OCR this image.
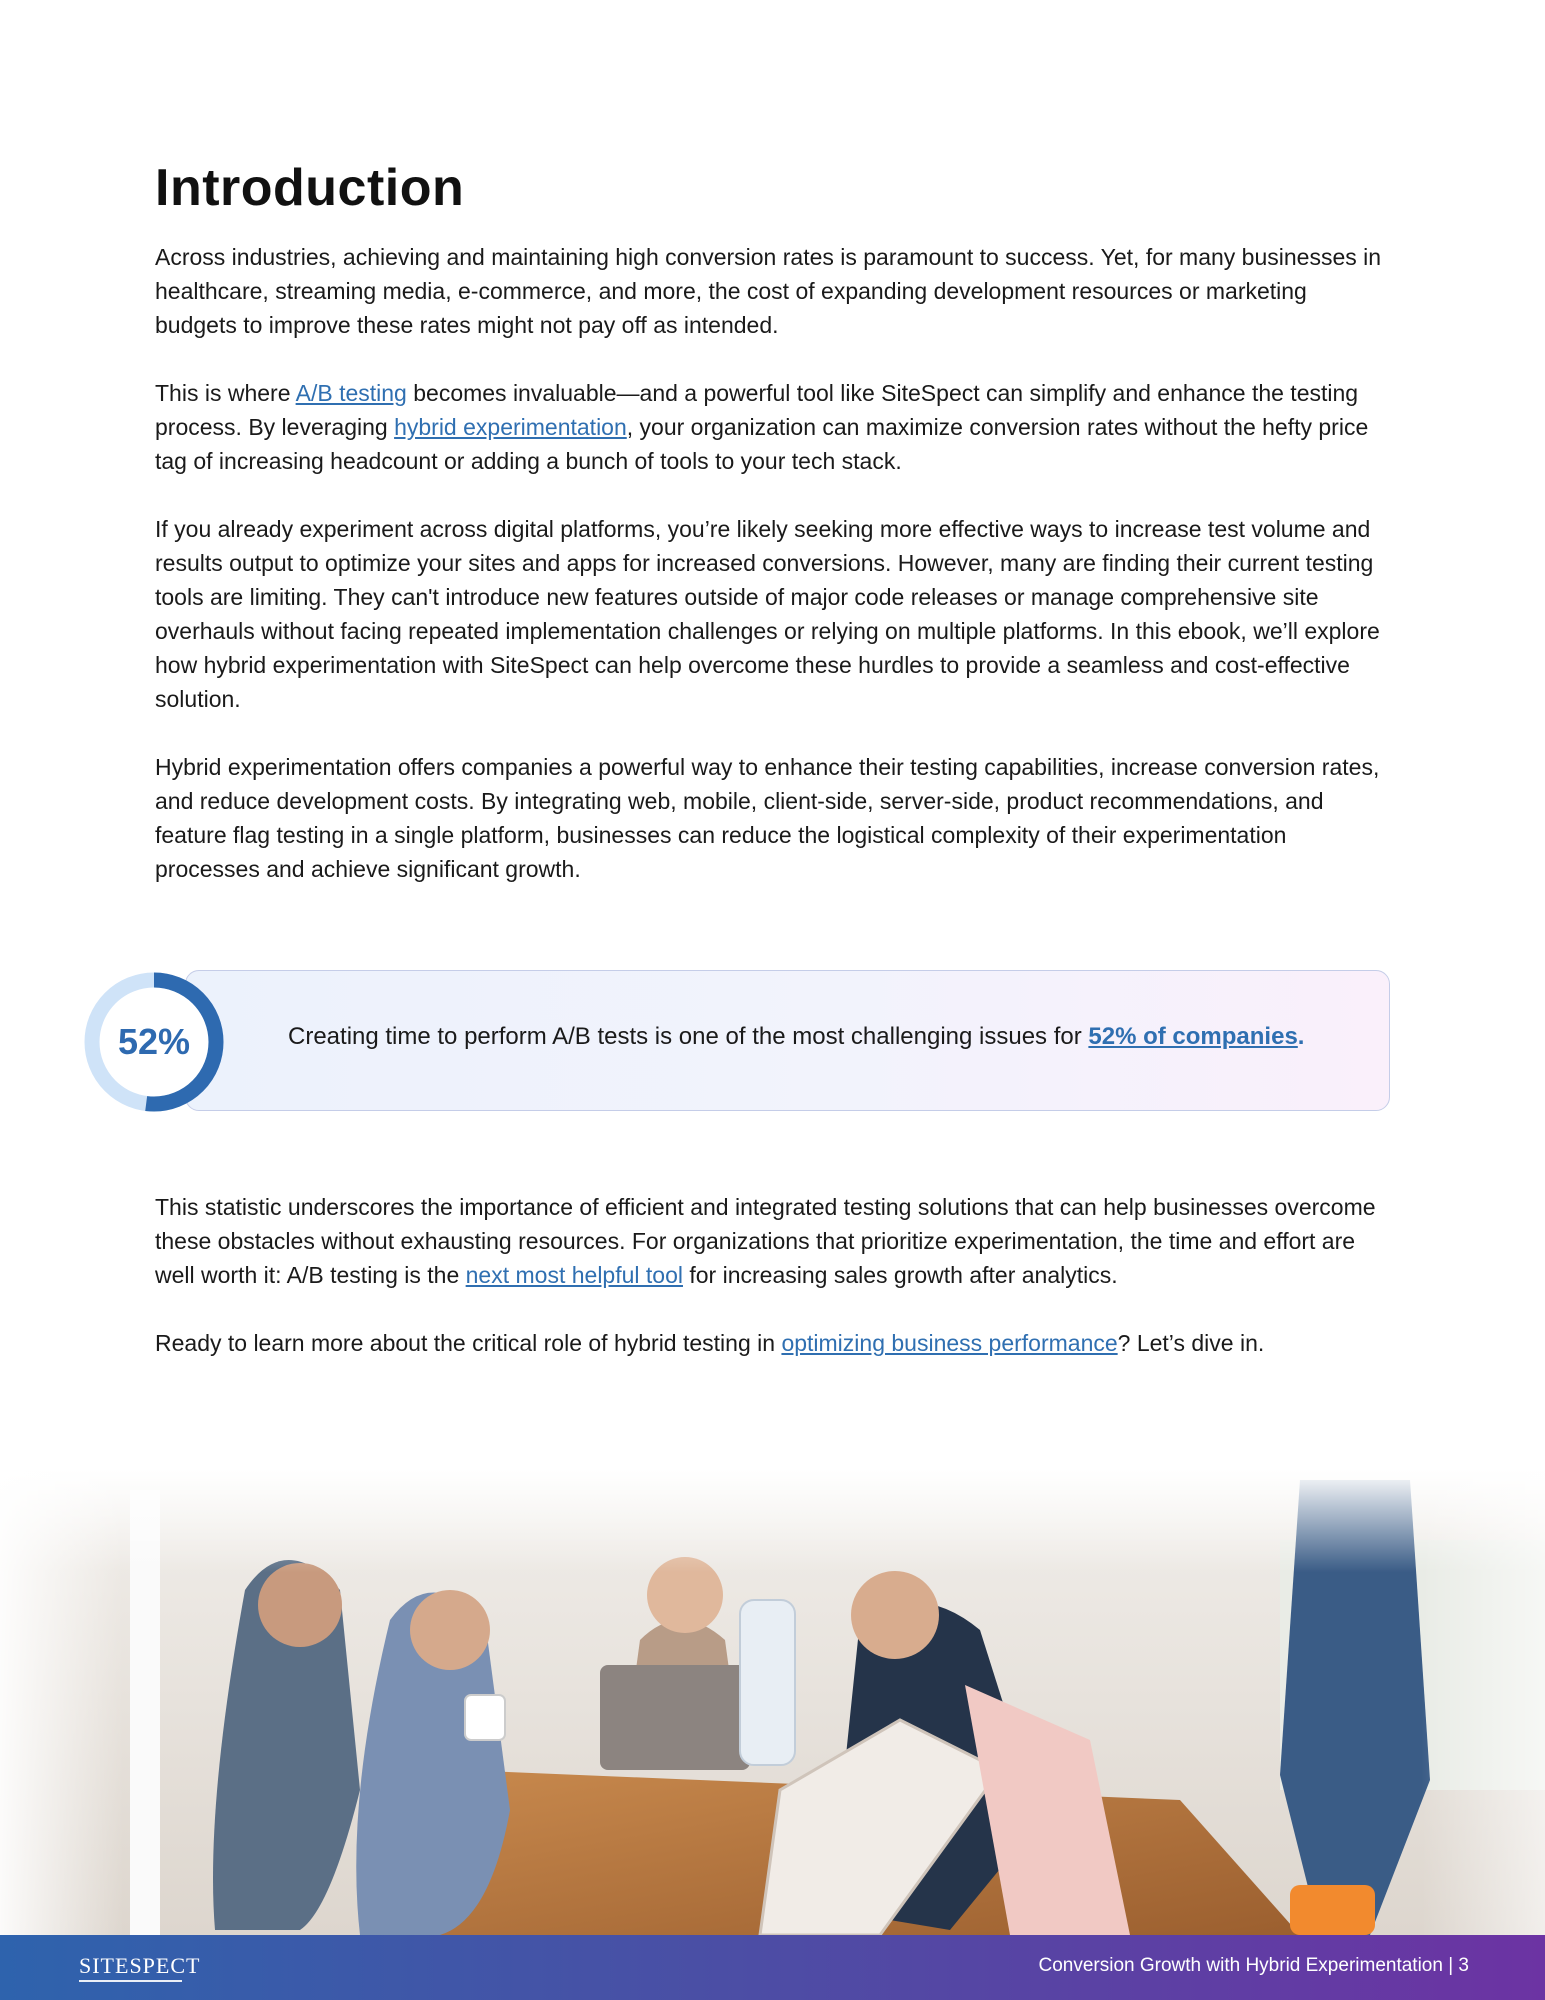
Introduction

Across industries, achieving and maintaining high conversion rates is paramount to success. Yet, for many businesses in healthcare, streaming media, e-commerce, and more, the cost of expanding development resources or marketing budgets to improve these rates might not pay off as intended.

This is where A/B testing becomes invaluable—and a powerful tool like SiteSpect can simplify and enhance the testing process. By leveraging hybrid experimentation, your organization can maximize conversion rates without the hefty price tag of increasing headcount or adding a bunch of tools to your tech stack.

If you already experiment across digital platforms, you’re likely seeking more effective ways to increase test volume and results output to optimize your sites and apps for increased conversions. However, many are finding their current testing tools are limiting. They can't introduce new features outside of major code releases or manage comprehensive site overhauls without facing repeated implementation challenges or relying on multiple platforms. In this ebook, we’ll explore how hybrid experimentation with SiteSpect can help overcome these hurdles to provide a seamless and cost-effective solution.

Hybrid experimentation offers companies a powerful way to enhance their testing capabilities, increase conversion rates, and reduce development costs. By integrating web, mobile, client-side, server-side, product recommendations, and feature flag testing in a single platform, businesses can reduce the logistical complexity of their experimentation processes and achieve significant growth.

Creating time to perform A/B tests is one of the most challenging issues for 52% of companies.
52%

This statistic underscores the importance of efficient and integrated testing solutions that can help businesses overcome these obstacles without exhausting resources. For organizations that prioritize experimentation, the time and effort are well worth it: A/B testing is the next most helpful tool for increasing sales growth after analytics.

Ready to learn more about the critical role of hybrid testing in optimizing business performance? Let’s dive in.

SITESPECT	Conversion Growth with Hybrid Experimentation | 3
